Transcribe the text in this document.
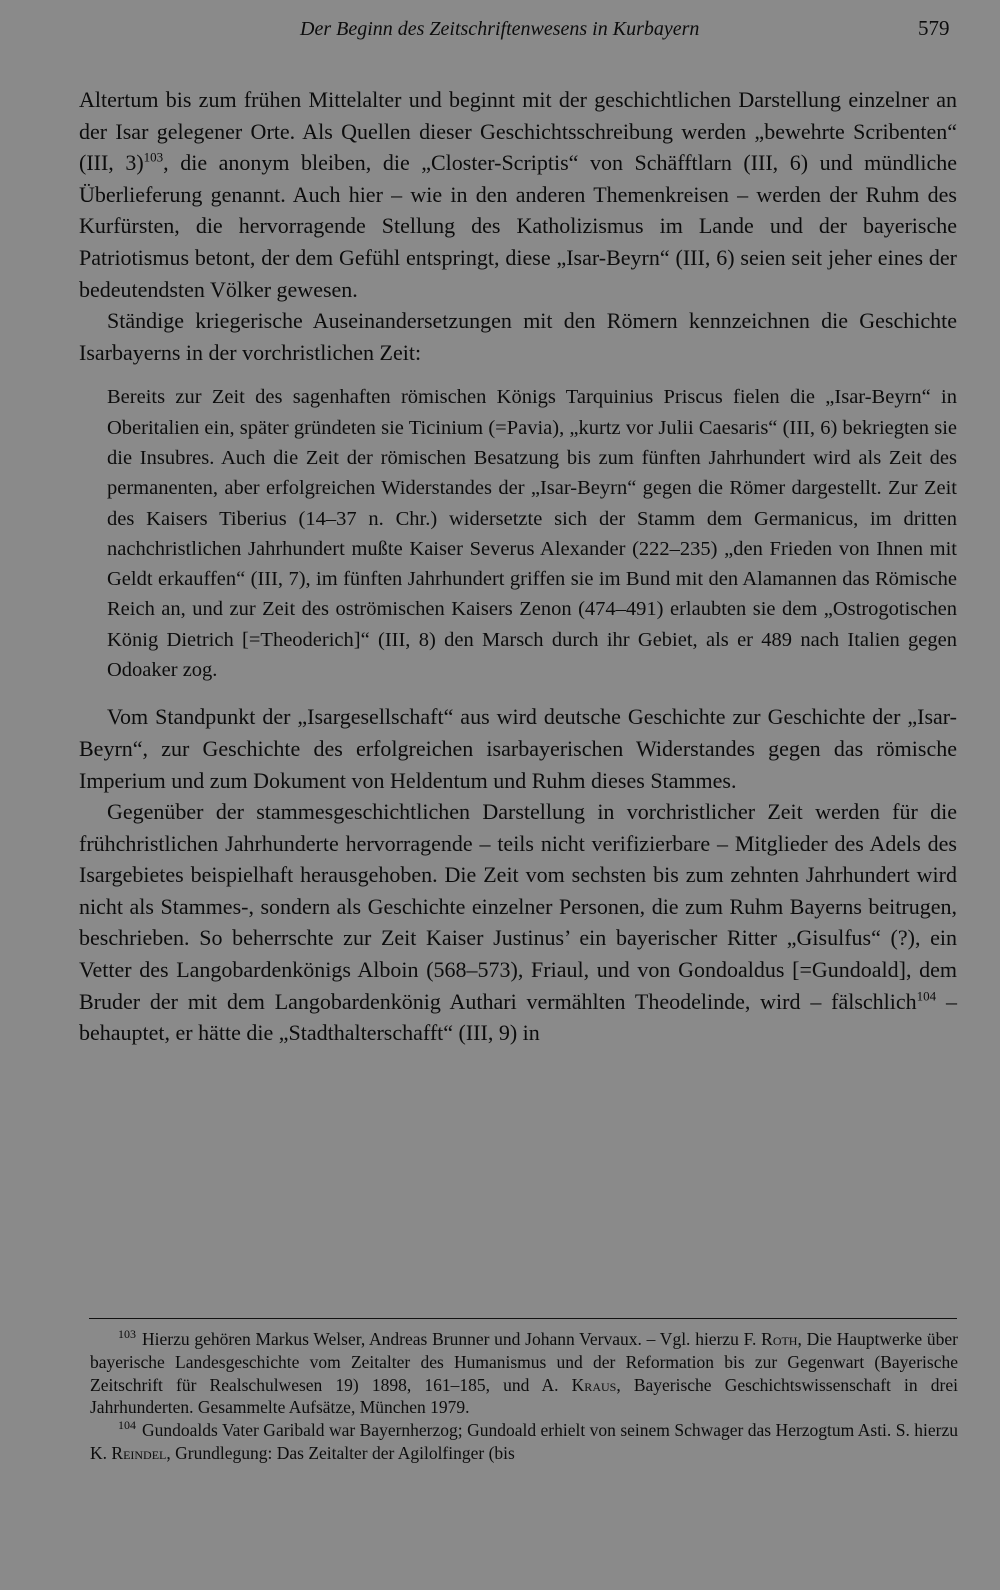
Der Beginn des Zeitschriftenwesens in Kurbayern	579

Altertum bis zum frühen Mittelalter und beginnt mit der geschichtlichen Darstellung einzelner an der Isar gelegener Orte. Als Quellen dieser Geschichtsschreibung werden „bewehrte Scribenten“ (III, 3)$^{103}$, die anonym bleiben, die „Closter-Scriptis“ von Schäfftlarn (III, 6) und mündliche Überlieferung genannt. Auch hier – wie in den anderen Themenkreisen – werden der Ruhm des Kurfürsten, die hervorragende Stellung des Katholizismus im Lande und der bayerische Patriotismus betont, der dem Gefühl entspringt, diese „Isar-Beyrn“ (III, 6) seien seit jeher eines der bedeutendsten Völker gewesen.

Ständige kriegerische Auseinandersetzungen mit den Römern kennzeichnen die Geschichte Isarbayerns in der vorchristlichen Zeit:

Bereits zur Zeit des sagenhaften römischen Königs Tarquinius Priscus fielen die „Isar-Beyrn“ in Oberitalien ein, später gründeten sie Ticinium (=Pavia), „kurtz vor Julii Caesaris“ (III, 6) bekriegten sie die Insubres. Auch die Zeit der römischen Besatzung bis zum fünften Jahrhundert wird als Zeit des permanenten, aber erfolgreichen Widerstandes der „Isar-Beyrn“ gegen die Römer dargestellt. Zur Zeit des Kaisers Tiberius (14–37 n. Chr.) widersetzte sich der Stamm dem Germanicus, im dritten nachchristlichen Jahrhundert mußte Kaiser Severus Alexander (222–235) „den Frieden von Ihnen mit Geldt erkauffen“ (III, 7), im fünften Jahrhundert griffen sie im Bund mit den Alamannen das Römische Reich an, und zur Zeit des oströmischen Kaisers Zenon (474–491) erlaubten sie dem „Ostrogotischen König Dietrich [=Theoderich]“ (III, 8) den Marsch durch ihr Gebiet, als er 489 nach Italien gegen Odoaker zog.

Vom Standpunkt der „Isargesellschaft“ aus wird deutsche Geschichte zur Geschichte der „Isar-Beyrn“, zur Geschichte des erfolgreichen isarbayerischen Widerstandes gegen das römische Imperium und zum Dokument von Heldentum und Ruhm dieses Stammes.

Gegenüber der stammesgeschichtlichen Darstellung in vorchristlicher Zeit werden für die frühchristlichen Jahrhunderte hervorragende – teils nicht verifizierbare – Mitglieder des Adels des Isargebietes beispielhaft herausgehoben. Die Zeit vom sechsten bis zum zehnten Jahrhundert wird nicht als Stammes-, sondern als Geschichte einzelner Personen, die zum Ruhm Bayerns beitrugen, beschrieben. So beherrschte zur Zeit Kaiser Justinus’ ein bayerischer Ritter „Gisulfus“ (?), ein Vetter des Langobardenkönigs Alboin (568–573), Friaul, und von Gondoaldus [=Gundoald], dem Bruder der mit dem Langobardenkönig Authari vermählten Theodelinde, wird – fälschlich$^{104}$ – behauptet, er hätte die „Stadthalterschafft“ (III, 9) in

$^{103}$ Hierzu gehören Markus Welser, Andreas Brunner und Johann Vervaux. – Vgl. hierzu F. Roth, Die Hauptwerke über bayerische Landesgeschichte vom Zeitalter des Humanismus und der Reformation bis zur Gegenwart (Bayerische Zeitschrift für Realschulwesen 19) 1898, 161–185, und A. Kraus, Bayerische Geschichtswissenschaft in drei Jahrhunderten. Gesammelte Aufsätze, München 1979.

$^{104}$ Gundoalds Vater Garibald war Bayernherzog; Gundoald erhielt von seinem Schwager das Herzogtum Asti. S. hierzu K. Reindel, Grundlegung: Das Zeitalter der Agilolfinger (bis
